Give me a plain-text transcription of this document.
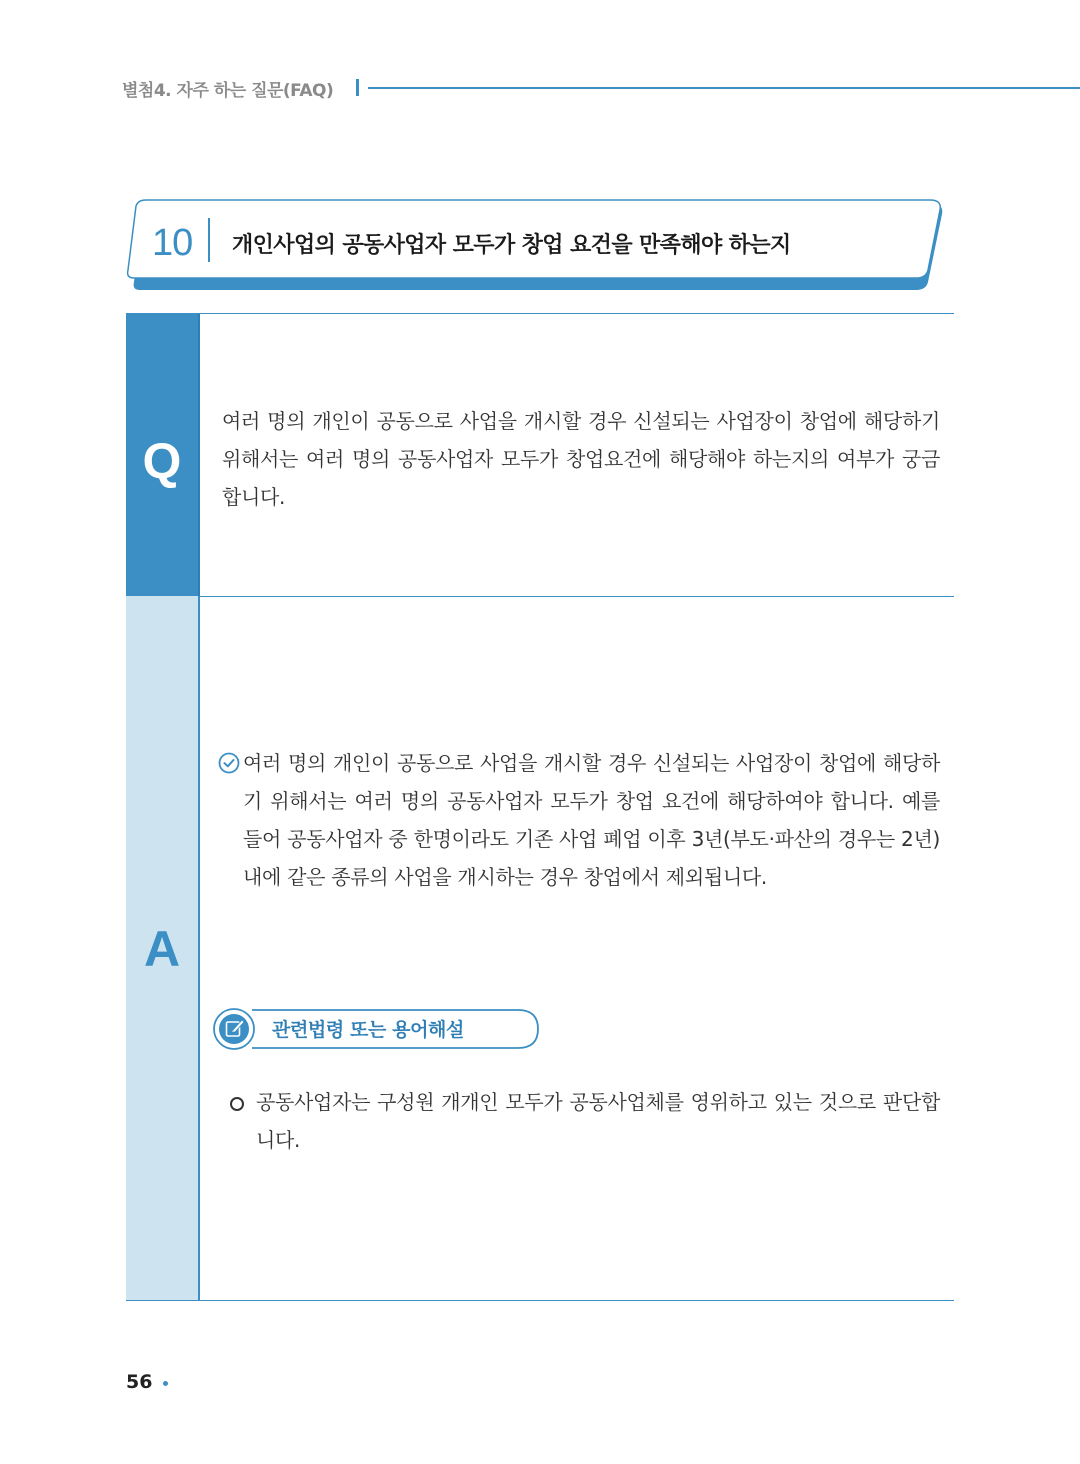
별첨4. 자주 하는 질문(FAQ)
10 개인사업의 공동사업자 모두가 창업 요건을 만족해야 하는지
Q
여러 명의 개인이 공동으로 사업을 개시할 경우 신설되는 사업장이 창업에 해당하기 위해서는 여러 명의 공동사업자 모두가 창업요건에 해당해야 하는지의 여부가 궁금합니다.
A
여러 명의 개인이 공동으로 사업을 개시할 경우 신설되는 사업장이 창업에 해당하기 위해서는 여러 명의 공동사업자 모두가 창업 요건에 해당하여야 합니다. 예를 들어 공동사업자 중 한명이라도 기존 사업 폐업 이후 3년(부도·파산의 경우는 2년) 내에 같은 종류의 사업을 개시하는 경우 창업에서 제외됩니다.
관련법령 또는 용어해설
공동사업자는 구성원 개개인 모두가 공동사업체를 영위하고 있는 것으로 판단합니다.
56
